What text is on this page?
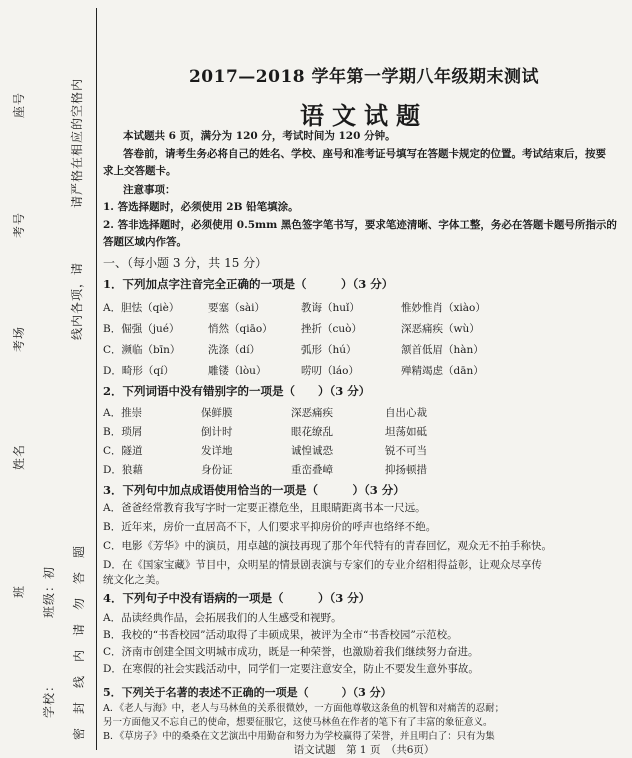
座号
考号
考场
姓名
班 班级：初
学校：
请严格在相应的空格内
线内各项，请
密　封　线　内　请　勿　答　题
2017—2018 学年第一学期八年级期末测试
语文试题
本试题共 6 页，满分为 120 分，考试时间为 120 分钟。
答卷前，请考生务必将自己的姓名、学校、座号和准考证号填写在答题卡规定的位置。考试结束后，按要
求上交答题卡。
注意事项：
1. 答选择题时，必须使用 2B 铅笔填涂。
2. 答非选择题时，必须使用 0.5mm 黑色签字笔书写，要求笔迹清晰、字体工整，务必在答题卡题号所指示的
答题区域内作答。
一、（每小题 3 分，共 15 分）
1．下列加点字注音完全正确的一项是（　　　）（3 分）
A．胆怯（qiè）	要塞（sài）	教诲（huǐ）	惟妙惟肖（xiào）
B．倔强（jué）	悄然（qiāo）	挫折（cuò）	深恶痛疾（wù）
C．濒临（bīn）	洗涤（dí）	弧形（hú）	颔首低眉（hàn）
D．畸形（qí）	雕镂（lòu）	唠叨（láo）	殚精竭虑（dān）
2．下列词语中没有错别字的一项是（　　）（3 分）
A．推崇	保鲜膜	深恶痛疾	自出心裁
B．琐屑	倒计时	眼花缭乱	坦荡如砥
C．隧道	发详地	诚惶诚恐	锐不可当
D．狼藉	身份证	重峦叠嶂	抑扬顿措
3．下列句中加点成语使用恰当的一项是（　　　）（3 分）
A．爸爸经常教育我写字时一定要正襟危坐，且眼睛距离书本一尺远。
B．近年来，房价一直居高不下，人们要求平抑房价的呼声也络绎不绝。
C．电影《芳华》中的演员，用卓越的演技再现了那个年代特有的青春回忆，观众无不拍手称快。
D．在《国家宝藏》节目中，众明星的情景剧表演与专家们的专业介绍相得益彰，让观众尽享传
统文化之美。
4．下列句子中没有语病的一项是（　　　）（3 分）
A．品读经典作品，会拓展我们的人生感受和视野。
B．我校的“书香校园”活动取得了丰硕成果，被评为全市“书香校园”示范校。
C．济南市创建全国文明城市成功，既是一种荣誉，也激励着我们继续努力奋进。
D．在寒假的社会实践活动中，同学们一定要注意安全，防止不要发生意外事故。
5．下列关于名著的表述不正确的一项是（　　　）（3 分）
A．《老人与海》中，老人与马林鱼的关系很微妙，一方面他尊敬这条鱼的机智和对痛苦的忍耐；
另一方面他又不忘自己的使命，想要征服它，这使马林鱼在作者的笔下有了丰富的象征意义。
B．《草房子》中的桑桑在文艺演出中用勤奋和努力为学校赢得了荣誉，并且明白了：只有为集
语文试题　第 1 页　（共6页）
